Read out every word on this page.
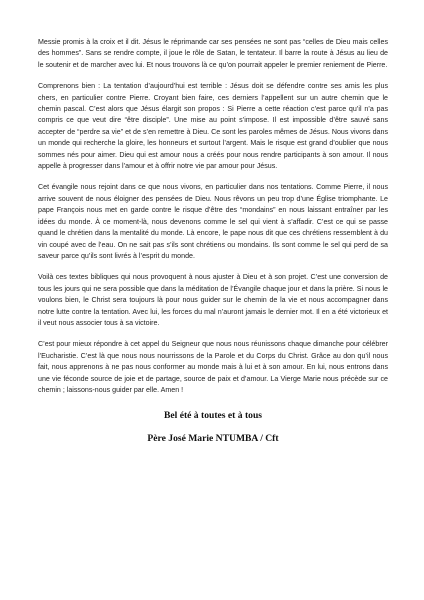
Messie promis à la croix et il dit. Jésus le réprimande car ses pensées ne sont pas “celles de Dieu mais celles des hommes”. Sans se rendre compte, il joue le rôle de Satan, le tentateur. Il barre la route à Jésus au lieu de le soutenir et de marcher avec lui. Et nous trouvons là ce qu’on pourrait appeler le premier reniement de Pierre.

Comprenons bien : La tentation d’aujourd’hui est terrible : Jésus doit se défendre contre ses amis les plus chers, en particulier contre Pierre. Croyant bien faire, ces derniers l’appellent sur un autre chemin que le chemin pascal. C’est alors que Jésus élargit son propos : Si Pierre a cette réaction c’est parce qu’il n’a pas compris ce que veut dire “être disciple”. Une mise au point s’impose. Il est impossible d’être sauvé sans accepter de “perdre sa vie” et de s’en remettre à Dieu. Ce sont les paroles mêmes de Jésus. Nous vivons dans un monde qui recherche la gloire, les honneurs et surtout l’argent. Mais le risque est grand d’oublier que nous sommes nés pour aimer. Dieu qui est amour nous a créés pour nous rendre participants à son amour. Il nous appelle à progresser dans l’amour et à offrir notre vie par amour pour Jésus.

Cet évangile nous rejoint dans ce que nous vivons, en particulier dans nos tentations. Comme Pierre, il nous arrive souvent de nous éloigner des pensées de Dieu. Nous rêvons un peu trop d’une Église triomphante. Le pape François nous met en garde contre le risque d’être des “mondains” en nous laissant entraîner par les idées du monde. À ce moment-là, nous devenons comme le sel qui vient à s’affadir. C’est ce qui se passe quand le chrétien dans la mentalité du monde. Là encore, le pape nous dit que ces chrétiens ressemblent à du vin coupé avec de l’eau. On ne sait pas s’ils sont chrétiens ou mondains. Ils sont comme le sel qui perd de sa saveur parce qu’ils sont livrés à l’esprit du monde.

Voilà ces textes bibliques qui nous provoquent à nous ajuster à Dieu et à son projet. C’est une conversion de tous les jours qui ne sera possible que dans la méditation de l’Évangile chaque jour et dans la prière. Si nous le voulons bien, le Christ sera toujours là pour nous guider sur le chemin de la vie et nous accompagner dans notre lutte contre la tentation. Avec lui, les forces du mal n’auront jamais le dernier mot. Il en a été victorieux et il veut nous associer tous à sa victoire.

C’est pour mieux répondre à cet appel du Seigneur que nous nous réunissons chaque dimanche pour célébrer l’Eucharistie. C’est là que nous nous nourrissons de la Parole et du Corps du Christ. Grâce au don qu’il nous fait, nous apprenons à ne pas nous conformer au monde mais à lui et à son amour. En lui, nous entrons dans une vie féconde source de joie et de partage, source de paix et d’amour. La Vierge Marie nous précède sur ce chemin ; laissons-nous guider par elle. Amen !

Bel été à toutes et à tous

Père José Marie NTUMBA / Cft
